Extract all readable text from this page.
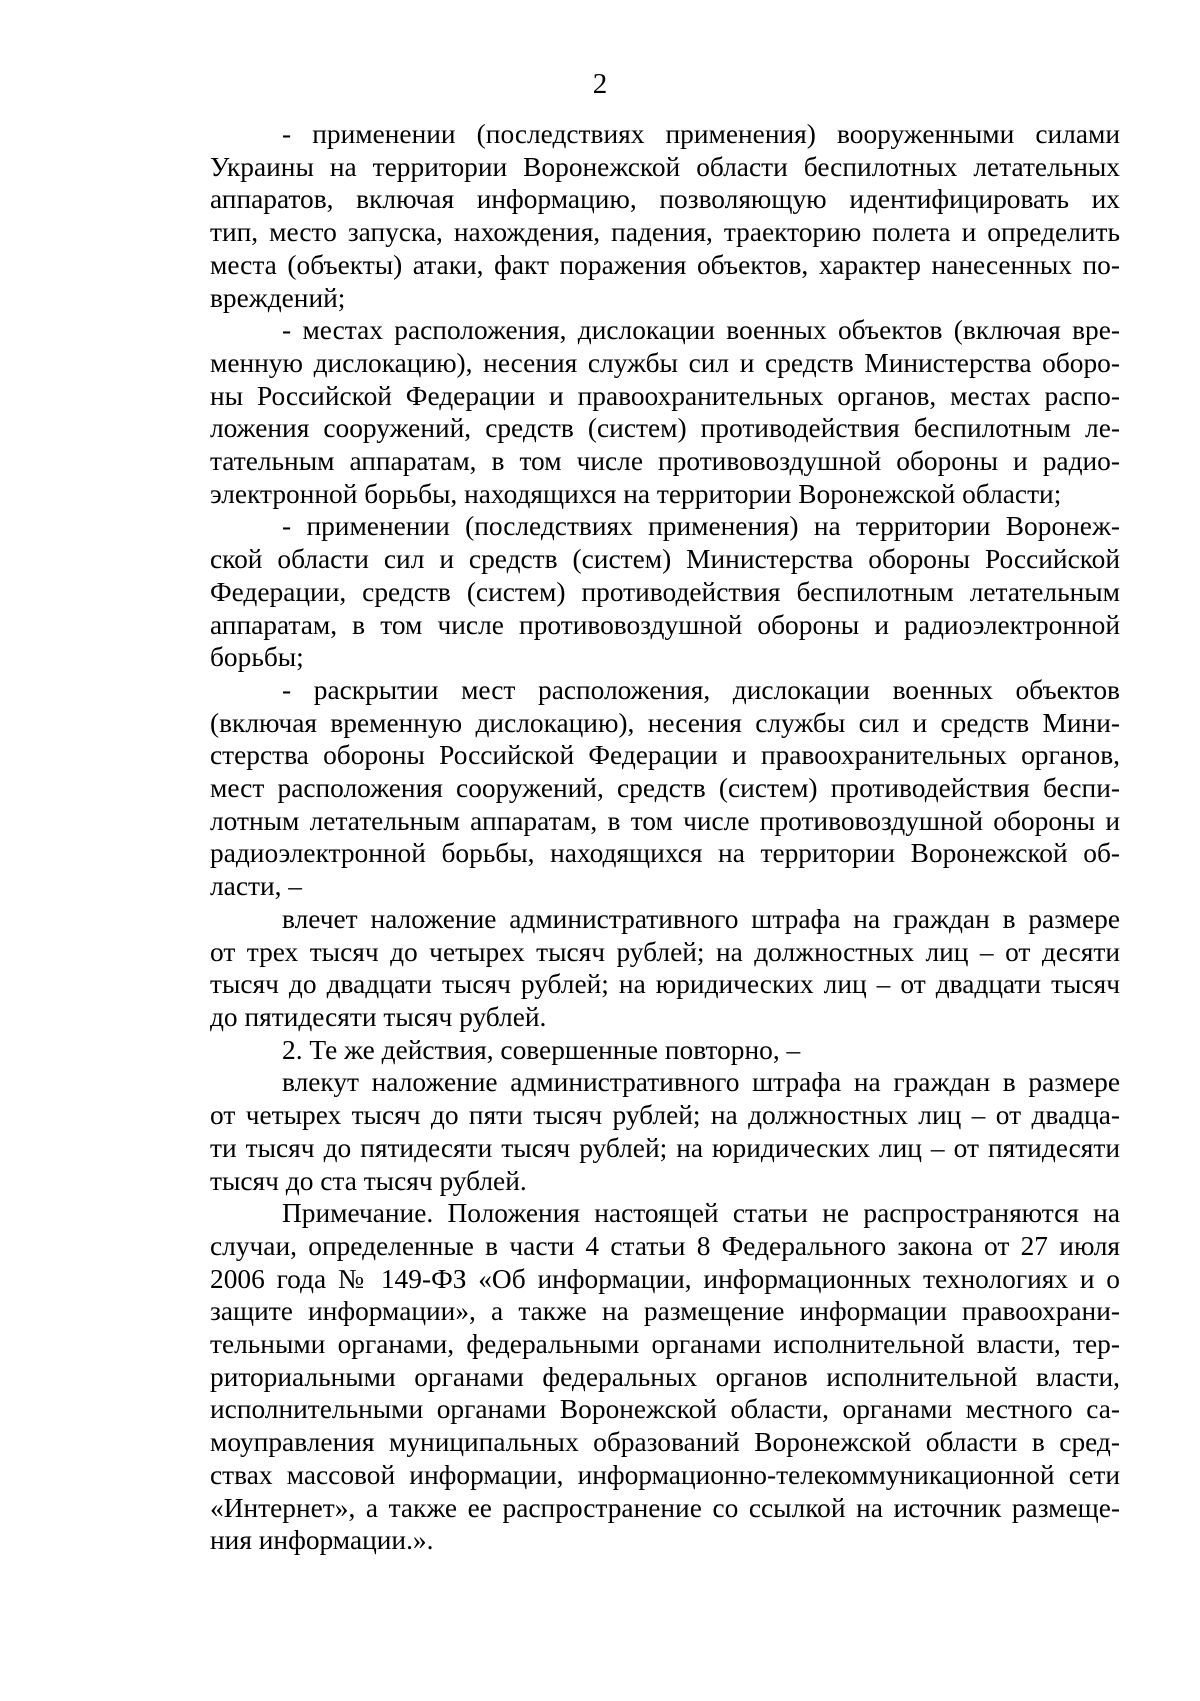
2
- применении (последствиях применения) вооруженными силами
Украины на территории Воронежской области беспилотных летательных
аппаратов, включая информацию, позволяющую идентифицировать их
тип, место запуска, нахождения, падения, траекторию полета и определить
места (объекты) атаки, факт поражения объектов, характер нанесенных по-
вреждений;
- местах расположения, дислокации военных объектов (включая вре-
менную дислокацию), несения службы сил и средств Министерства оборо-
ны Российской Федерации и правоохранительных органов, местах распо-
ложения сооружений, средств (систем) противодействия беспилотным ле-
тательным аппаратам, в том числе противовоздушной обороны и радио-
электронной борьбы, находящихся на территории Воронежской области;
- применении (последствиях применения) на территории Воронеж-
ской области сил и средств (систем) Министерства обороны Российской
Федерации, средств (систем) противодействия беспилотным летательным
аппаратам, в том числе противовоздушной обороны и радиоэлектронной
борьбы;
- раскрытии мест расположения, дислокации военных объектов
(включая временную дислокацию), несения службы сил и средств Мини-
стерства обороны Российской Федерации и правоохранительных органов,
мест расположения сооружений, средств (систем) противодействия беспи-
лотным летательным аппаратам, в том числе противовоздушной обороны и
радиоэлектронной борьбы, находящихся на территории Воронежской об-
ласти, –
влечет наложение административного штрафа на граждан в размере
от трех тысяч до четырех тысяч рублей; на должностных лиц – от десяти
тысяч до двадцати тысяч рублей; на юридических лиц – от двадцати тысяч
до пятидесяти тысяч рублей.
2. Те же действия, совершенные повторно, –
влекут наложение административного штрафа на граждан в размере
от четырех тысяч до пяти тысяч рублей; на должностных лиц – от двадца-
ти тысяч до пятидесяти тысяч рублей; на юридических лиц – от пятидесяти
тысяч до ста тысяч рублей.
Примечание. Положения настоящей статьи не распространяются на
случаи, определенные в части 4 статьи 8 Федерального закона от 27 июля
2006 года № 149-ФЗ «Об информации, информационных технологиях и о
защите информации», а также на размещение информации правоохрани-
тельными органами, федеральными органами исполнительной власти, тер-
риториальными органами федеральных органов исполнительной власти,
исполнительными органами Воронежской области, органами местного са-
моуправления муниципальных образований Воронежской области в сред-
ствах массовой информации, информационно-телекоммуникационной сети
«Интернет», а также ее распространение со ссылкой на источник размеще-
ния информации.».
